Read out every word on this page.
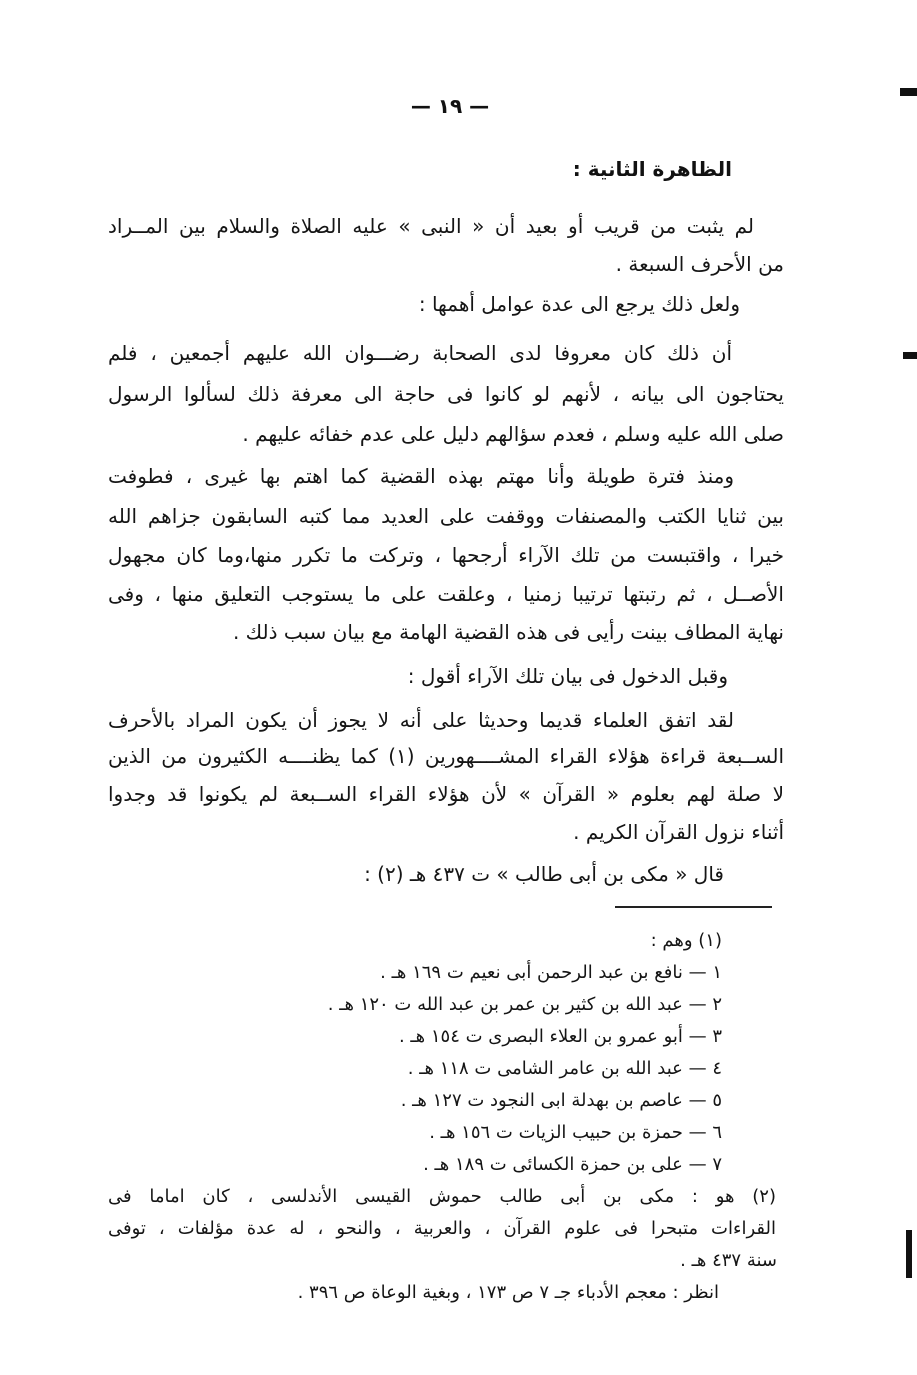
— ١٩ —
الظاهرة الثانية :
لم يثبت من قريب أو بعيد أن « النبى » عليه الصلاة والسلام بين المــراد
من الأحرف السبعة .
ولعل ذلك يرجع الى عدة عوامل أهمها :
أن ذلك كان معروفا لدى الصحابة رضـــوان الله عليهم أجمعين ، فلم
يحتاجون الى بيانه ، لأنهم لو كانوا فى حاجة الى معرفة ذلك لسألوا الرسول
صلى الله عليه وسلم ، فعدم سؤالهم دليل على عدم خفائه عليهم .
ومنذ فترة طويلة وأنا مهتم بهذه القضية كما اهتم بها غيرى ، فطوفت
بين ثنايا الكتب والمصنفات ووقفت على العديد مما كتبه السابقون جزاهم الله
خيرا ، واقتبست من تلك الآراء أرجحها ، وتركت ما تكرر منها،وما كان مجهول
الأصــل ، ثم رتبتها ترتيبا زمنيا ، وعلقت على ما يستوجب التعليق منها ، وفى
نهاية المطاف بينت رأيى فى هذه القضية الهامة مع بيان سبب ذلك .
وقبل الدخول فى بيان تلك الآراء أقول :
لقد اتفق العلماء قديما وحديثا على أنه لا يجوز أن يكون المراد بالأحرف
الســبعة قراءة هؤلاء القراء المشــــهورين (١) كما يظنــــه الكثيرون من الذين
لا صلة لهم بعلوم « القرآن » لأن هؤلاء القراء الســبعة لم يكونوا قد وجدوا
أثناء نزول القرآن الكريم .
قال « مكى بن أبى طالب » ت ٤٣٧ هـ (٢) :
(١) وهم :
١ — نافع بن عبد الرحمن أبى نعيم ت ١٦٩ هـ .
٢ — عبد الله بن كثير بن عمر بن عبد الله ت ١٢٠ هـ .
٣ — أبو عمرو بن العلاء البصرى ت ١٥٤ هـ .
٤ — عبد الله بن عامر الشامى ت ١١٨ هـ .
٥ — عاصم بن بهدلة ابى النجود ت ١٢٧ هـ .
٦ — حمزة بن حبيب الزيات ت ١٥٦ هـ .
٧ — على بن حمزة الكسائى ت ١٨٩ هـ .
(٢) هو : مكى بن أبى طالب حموش القيسى الأندلسى ، كان اماما فى
القراءات متبحرا فى علوم القرآن ، والعربية ، والنحو ، له عدة مؤلفات ، توفى
سنة ٤٣٧ هـ .
انظر : معجم الأدباء جـ ٧ ص ١٧٣ ، وبغية الوعاة ص ٣٩٦ .
